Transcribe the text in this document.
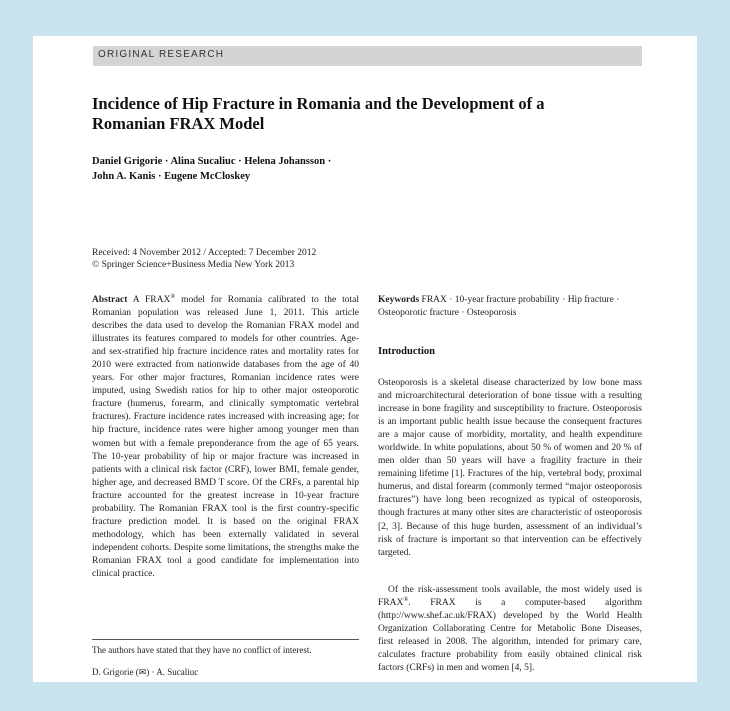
ORIGINAL RESEARCH
Incidence of Hip Fracture in Romania and the Development of a Romanian FRAX Model
Daniel Grigorie · Alina Sucaliuc · Helena Johansson ·
John A. Kanis · Eugene McCloskey
Received: 4 November 2012 / Accepted: 7 December 2012
© Springer Science+Business Media New York 2013
Abstract A FRAX® model for Romania calibrated to the total Romanian population was released June 1, 2011. This article describes the data used to develop the Romanian FRAX model and illustrates its features compared to models for other countries. Age- and sex-stratified hip fracture incidence rates and mortality rates for 2010 were extracted from nationwide databases from the age of 40 years. For other major fractures, Romanian incidence rates were imputed, using Swedish ratios for hip to other major osteoporotic fracture (humerus, forearm, and clinically symptomatic vertebral fractures). Fracture incidence rates increased with increasing age; for hip fracture, incidence rates were higher among younger men than women but with a female preponderance from the age of 65 years. The 10-year probability of hip or major fracture was increased in patients with a clinical risk factor (CRF), lower BMI, female gender, higher age, and decreased BMD T score. Of the CRFs, a parental hip fracture accounted for the greatest increase in 10-year fracture probability. The Romanian FRAX tool is the first country-specific fracture prediction model. It is based on the original FRAX methodology, which has been externally validated in several independent cohorts. Despite some limitations, the strengths make the Romanian FRAX tool a good candidate for implementation into clinical practice.
The authors have stated that they have no conflict of interest.
D. Grigorie (✉) · A. Sucaliuc
Keywords FRAX · 10-year fracture probability · Hip fracture · Osteoporotic fracture · Osteoporosis
Introduction
Osteoporosis is a skeletal disease characterized by low bone mass and microarchitectural deterioration of bone tissue with a resulting increase in bone fragility and susceptibility to fracture. Osteoporosis is an important public health issue because the consequent fractures are a major cause of morbidity, mortality, and health expenditure worldwide. In white populations, about 50 % of women and 20 % of men older than 50 years will have a fragility fracture in their remaining lifetime [1]. Fractures of the hip, vertebral body, proximal humerus, and distal forearm (commonly termed “major osteoporosis fractures”) have long been recognized as typical of osteoporosis, though fractures at many other sites are characteristic of osteoporosis [2, 3]. Because of this huge burden, assessment of an individual’s risk of fracture is important so that intervention can be effectively targeted.
Of the risk-assessment tools available, the most widely used is FRAX®. FRAX is a computer-based algorithm (http://www.shef.ac.uk/FRAX) developed by the World Health Organization Collaborating Centre for Metabolic Bone Diseases, first released in 2008. The algorithm, intended for primary care, calculates fracture probability from easily obtained clinical risk factors (CRFs) in men and women [4, 5].
